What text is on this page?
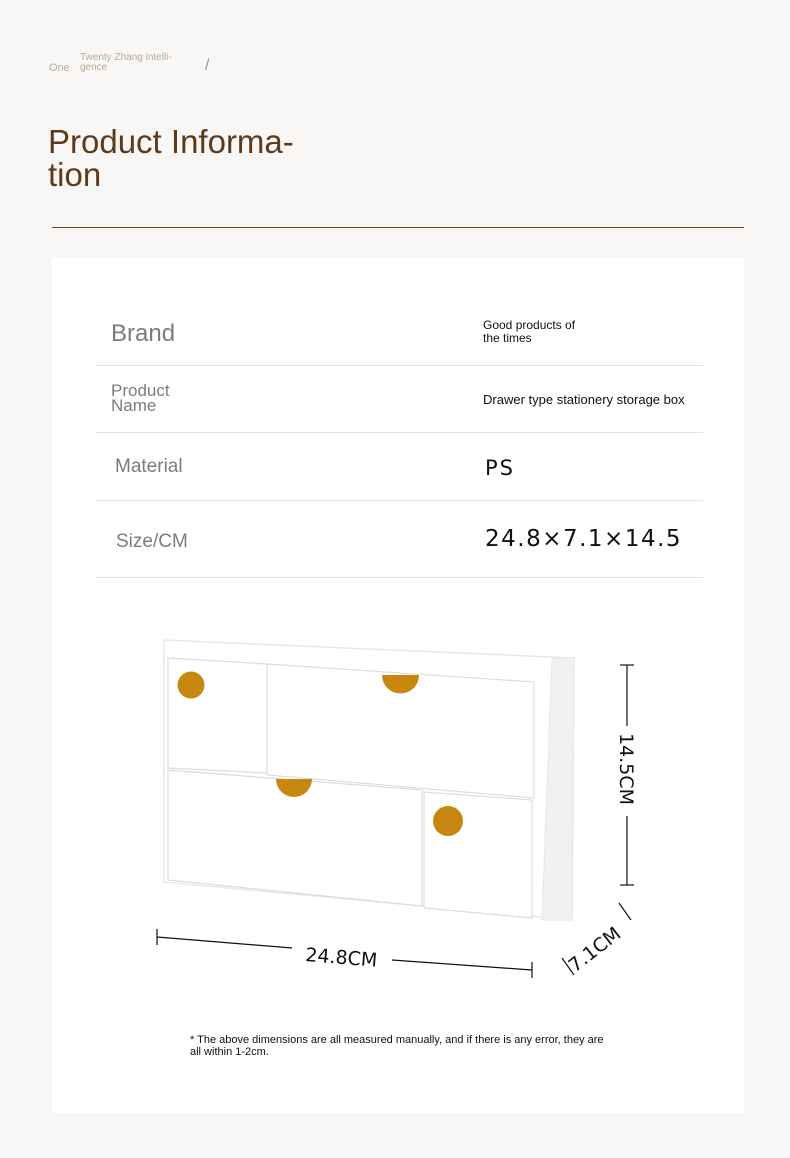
One
Twenty Zhang intelli-
gence	/
Product Informa-
tion
Brand	Good products of
the times
Product
Name	Drawer type stationery storage box
Material	PS
Size/CM	24.8×7.1×14.5
14.5CM
24.8CM	7.1CM
* The above dimensions are all measured manually, and if there is any error, they are
all within 1-2cm.
